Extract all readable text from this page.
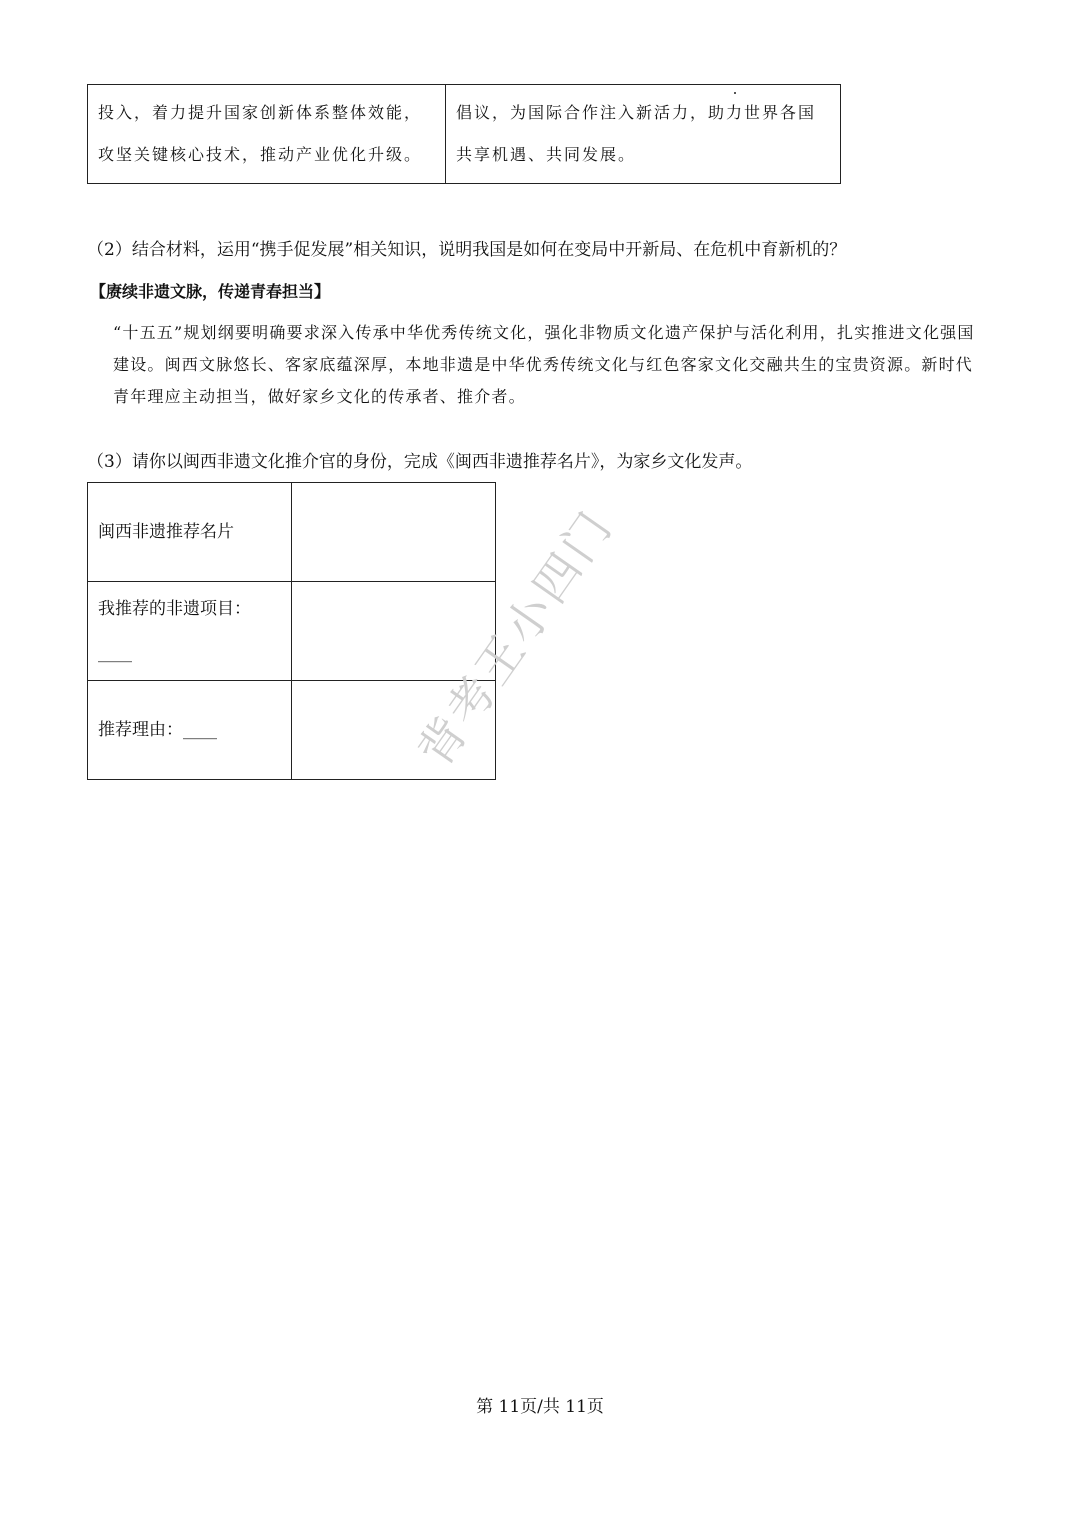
投入，着力提升国家创新体系整体效能，攻坚关键核心技术，推动产业优化升级。	倡议，为国际合作注入新活力，助力世界各国共享机遇、共同发展。
（2）结合材料，运用“携手促发展”相关知识，说明我国是如何在变局中开新局、在危机中育新机的？
【赓续非遗文脉，传递青春担当】

“十五五”规划纲要明确要求深入传承中华优秀传统文化，强化非物质文化遗产保护与活化利用，扎实推进文化强国建设。闽西文脉悠长、客家底蕴深厚，本地非遗是中华优秀传统文化与红色客家文化交融共生的宝贵资源。新时代青年理应主动担当，做好家乡文化的传承者、推介者。

（3）请你以闽西非遗文化推介官的身份，完成《闽西非遗推荐名片》，为家乡文化发声。
闽西非遗推荐名片	
我推荐的非遗项目：____	
推荐理由：____		背考王小四门
第 11页/共 11页
